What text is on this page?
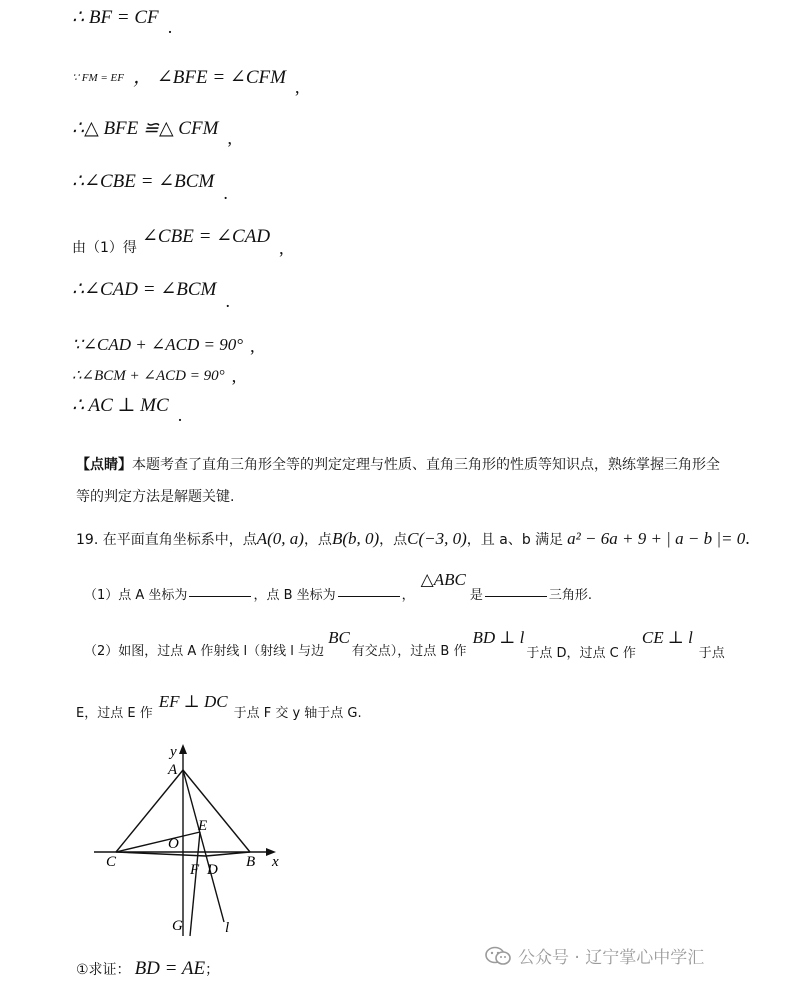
∴ BF = CF .
∵ FM = EF ， ∠BFE = ∠CFM ,
∴△ BFE ≌△ CFM ,
∴∠CBE = ∠BCM .
由（1）得 ∠CBE = ∠CAD ,
∴∠CAD = ∠BCM .
∵∠CAD + ∠ACD = 90° ,
∴∠BCM + ∠ACD = 90° ,
∴ AC ⊥ MC .
【点睛】本题考查了直角三角形全等的判定定理与性质、直角三角形的性质等知识点，熟练掌握三角形全
等的判定方法是解题关键.
19. 在平面直角坐标系中，点A(0, a)，点B(b, 0)，点C(−3, 0)，且 a、b 满足 a² − 6a + 9 + | a − b |= 0.
$_{(1)点 A 坐标为}$	$_{,点 B 坐标为}$	$_,\triangle ABC_是$	$_{三角形.}$
$_{(2)如图,过点 A 作射线 l(射线 l 与边}BC_{有交点),过点 B 作}BD$ ⊥ $l_{于点 D,过点 C 作}CE$ ⊥ $l_{于点}$
$_{E,过点 E 作}$EF ⊥ $DC_{于点 F 交 y 轴于点 G.}$
y
x
A
O
E
C	B
F D
G	l
公众号 · 辽宁掌心中学汇
①求证： BD = AE；
